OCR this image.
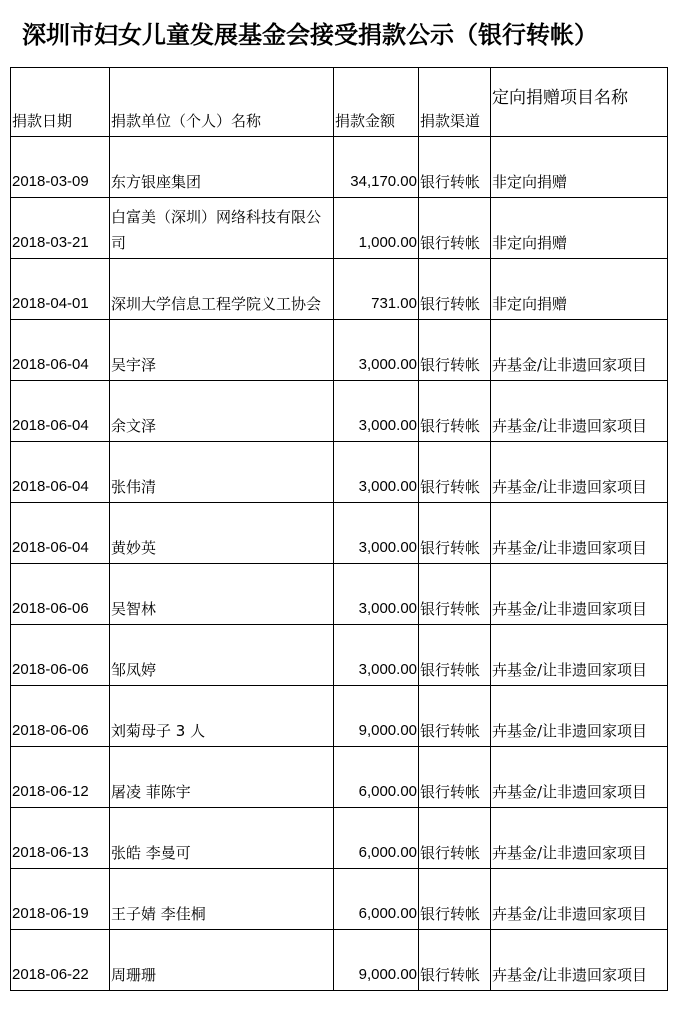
深圳市妇女儿童发展基金会接受捐款公示（银行转帐）
捐款日期	捐款单位（个人）名称	捐款金额	捐款渠道	定向捐赠项目名称
2018-03-09	东方银座集团	34,170.00	银行转帐	非定向捐赠
2018-03-21	白富美（深圳）网络科技有限公司	1,000.00	银行转帐	非定向捐赠
2018-04-01	深圳大学信息工程学院义工协会	731.00	银行转帐	非定向捐赠
2018-06-04	吴宇泽	3,000.00	银行转帐	卉基金/让非遗回家项目
2018-06-04	余文泽	3,000.00	银行转帐	卉基金/让非遗回家项目
2018-06-04	张伟清	3,000.00	银行转帐	卉基金/让非遗回家项目
2018-06-04	黄妙英	3,000.00	银行转帐	卉基金/让非遗回家项目
2018-06-06	吴智林	3,000.00	银行转帐	卉基金/让非遗回家项目
2018-06-06	邹凤婷	3,000.00	银行转帐	卉基金/让非遗回家项目
2018-06-06	刘菊母子 3 人	9,000.00	银行转帐	卉基金/让非遗回家项目
2018-06-12	屠凌 菲陈宇	6,000.00	银行转帐	卉基金/让非遗回家项目
2018-06-13	张皓 李曼可	6,000.00	银行转帐	卉基金/让非遗回家项目
2018-06-19	王子婧 李佳桐	6,000.00	银行转帐	卉基金/让非遗回家项目
2018-06-22	周珊珊	9,000.00	银行转帐	卉基金/让非遗回家项目
